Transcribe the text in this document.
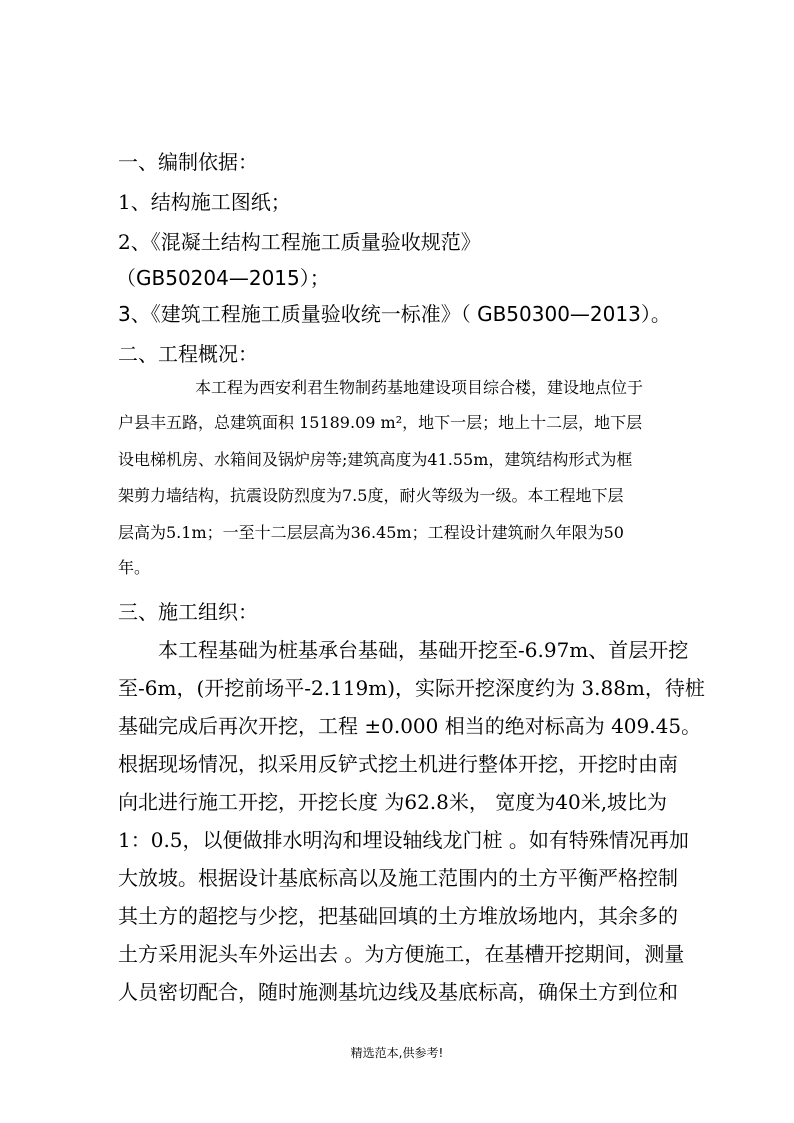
一、编制依据：
1、结构施工图纸；
2、《混凝土结构工程施工质量验收规范》
（GB50204—2015）；
3、《建筑工程施工质量验收统一标准》（ GB50300—2013）。
二、工程概况：
本工程为西安利君生物制药基地建设项目综合楼，建设地点位于
户县丰五路，总建筑面积 15189.09 m²，地下一层；地上十二层，地下层
设电梯机房、水箱间及锅炉房等;建筑高度为41.55m，建筑结构形式为框
架剪力墙结构，抗震设防烈度为7.5度，耐火等级为一级。本工程地下层
层高为5.1m；一至十二层层高为36.45m；工程设计建筑耐久年限为50
年。
三、施工组织：
本工程基础为桩基承台基础，基础开挖至-6.97m、首层开挖
至-6m，(开挖前场平-2.119m)，实际开挖深度约为 3.88m，待桩
基础完成后再次开挖，工程 ±0.000 相当的绝对标高为 409.45。
根据现场情况，拟采用反铲式挖土机进行整体开挖，开挖时由南
向北进行施工开挖，开挖长度 为62.8米， 宽度为40米,坡比为
1：0.5，以便做排水明沟和埋设轴线龙门桩 。如有特殊情况再加
大放坡。根据设计基底标高以及施工范围内的土方平衡严格控制
其土方的超挖与少挖，把基础回填的土方堆放场地内，其余多的
土方采用泥头车外运出去 。为方便施工，在基槽开挖期间，测量
人员密切配合，随时施测基坑边线及基底标高，确保土方到位和
精选范本,供参考!
